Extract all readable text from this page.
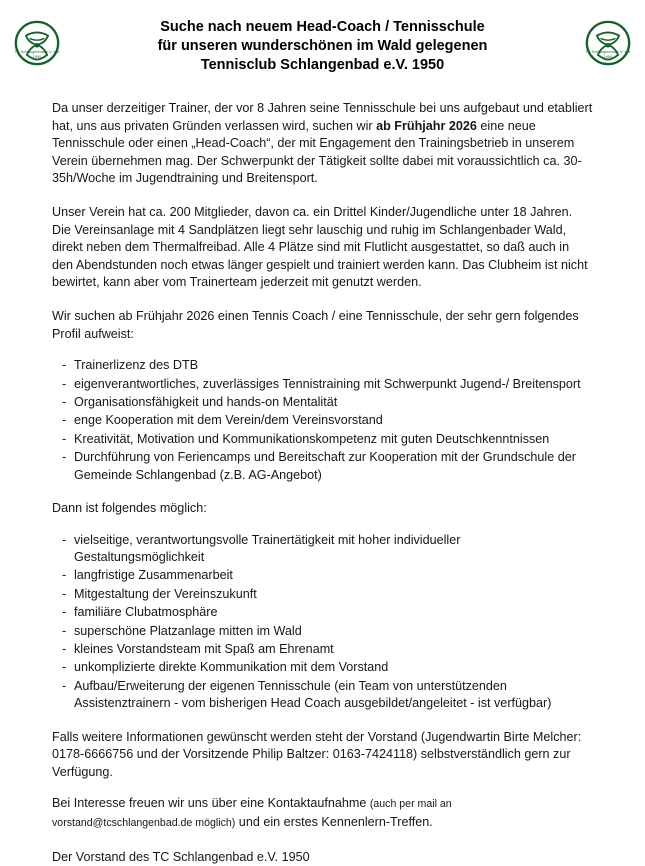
TC Schlangenbad e.V. seit 1950
TC Schlangenbad e.V. seit 1950
Suche nach neuem Head-Coach / Tennisschule
für unseren wunderschönen im Wald gelegenen
Tennisclub Schlangenbad e.V. 1950

Da unser derzeitiger Trainer, der vor 8 Jahren seine Tennisschule bei uns aufgebaut und etabliert hat, uns aus privaten Gründen verlassen wird, suchen wir ab Frühjahr 2026 eine neue Tennisschule oder einen „Head-Coach“, der mit Engagement den Trainingsbetrieb in unserem Verein übernehmen mag. Der Schwerpunkt der Tätigkeit sollte dabei mit voraussichtlich ca. 30-35h/Woche im Jugendtraining und Breitensport.

Unser Verein hat ca. 200 Mitglieder, davon ca. ein Drittel Kinder/Jugendliche unter 18 Jahren. Die Vereinsanlage mit 4 Sandplätzen liegt sehr lauschig und ruhig im Schlangenbader Wald, direkt neben dem Thermalfreibad. Alle 4 Plätze sind mit Flutlicht ausgestattet, so daß auch in den Abendstunden noch etwas länger gespielt und trainiert werden kann. Das Clubheim ist nicht bewirtet, kann aber vom Trainerteam jederzeit mit genutzt werden.

Wir suchen ab Frühjahr 2026 einen Tennis Coach / eine Tennisschule, der sehr gern folgendes Profil aufweist:

- Trainerlizenz des DTB
- eigenverantwortliches, zuverlässiges Tennistraining mit Schwerpunkt Jugend-/ Breitensport
- Organisationsfähigkeit und hands-on Mentalität
- enge Kooperation mit dem Verein/dem Vereinsvorstand
- Kreativität, Motivation und Kommunikationskompetenz mit guten Deutschkenntnissen
- Durchführung von Feriencamps und Bereitschaft zur Kooperation mit der Grundschule der Gemeinde Schlangenbad (z.B. AG-Angebot)

Dann ist folgendes möglich:

- vielseitige, verantwortungsvolle Trainertätigkeit mit hoher individueller Gestaltungsmöglichkeit
- langfristige Zusammenarbeit
- Mitgestaltung der Vereinszukunft
- familiäre Clubatmosphäre
- superschöne Platzanlage mitten im Wald
- kleines Vorstandsteam mit Spaß am Ehrenamt
- unkomplizierte direkte Kommunikation mit dem Vorstand
- Aufbau/Erweiterung der eigenen Tennisschule (ein Team von unterstützenden Assistenztrainern - vom bisherigen Head Coach ausgebildet/angeleitet - ist verfügbar)

Falls weitere Informationen gewünscht werden steht der Vorstand (Jugendwartin Birte Melcher: 0178-6666756 und der Vorsitzende Philip Baltzer: 0163-7424118) selbstverständlich gern zur Verfügung.

Bei Interesse freuen wir uns über eine Kontaktaufnahme (auch per mail an vorstand@tcschlangenbad.de möglich) und ein erstes Kennenlern-Treffen.

Der Vorstand des TC Schlangenbad e.V. 1950
